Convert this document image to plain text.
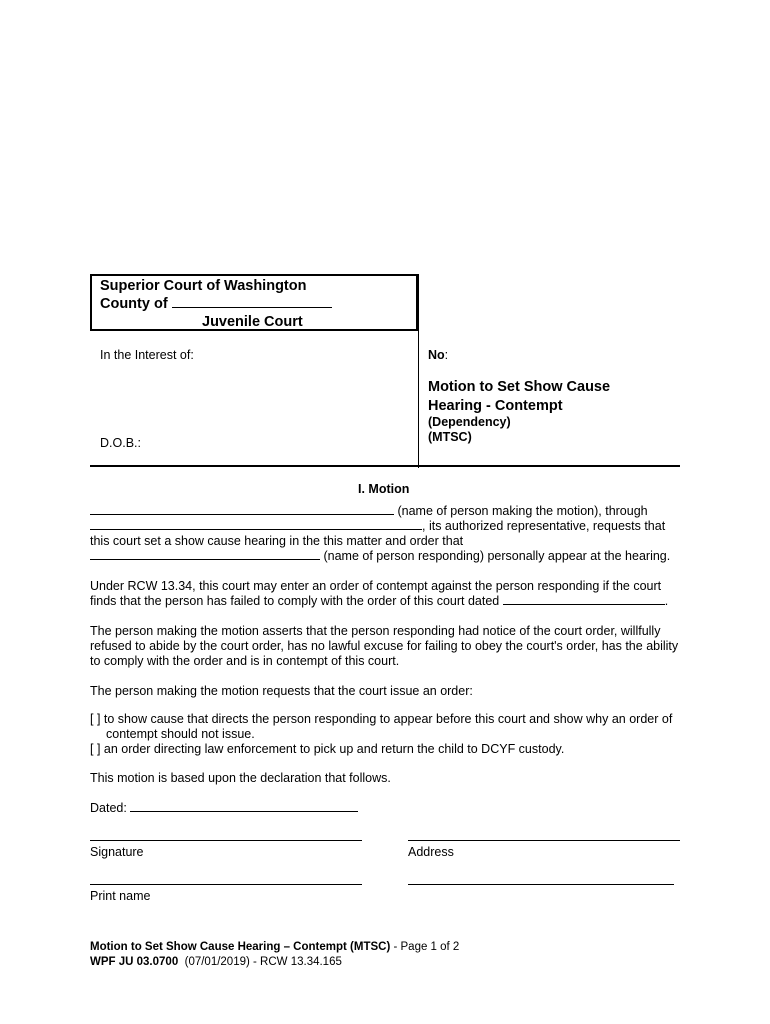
Superior Court of Washington
County of
Juvenile Court
In the Interest of:
D.O.B.:
No:
Motion to Set Show Cause
Hearing - Contempt
(Dependency)
(MTSC)
I. Motion
(name of person making the motion), through
, its authorized representative, requests that
this court set a show cause hearing in the this matter and order that
(name of person responding) personally appear at the hearing.
Under RCW 13.34, this court may enter an order of contempt against the person responding if the court
finds that the person has failed to comply with the order of this court dated	.
The person making the motion asserts that the person responding had notice of the court order, willfully
refused to abide by the court order, has no lawful excuse for failing to obey the court's order, has the ability
to comply with the order and is in contempt of this court.
The person making the motion requests that the court issue an order:
[ ] to show cause that directs the person responding to appear before this court and show why an order of
contempt should not issue.
[ ] an order directing law enforcement to pick up and return the child to DCYF custody.
This motion is based upon the declaration that follows.
Dated:
Signature	Address
Print name
Motion to Set Show Cause Hearing – Contempt (MTSC) - Page 1 of 2
WPF JU 03.0700  (07/01/2019) - RCW 13.34.165
